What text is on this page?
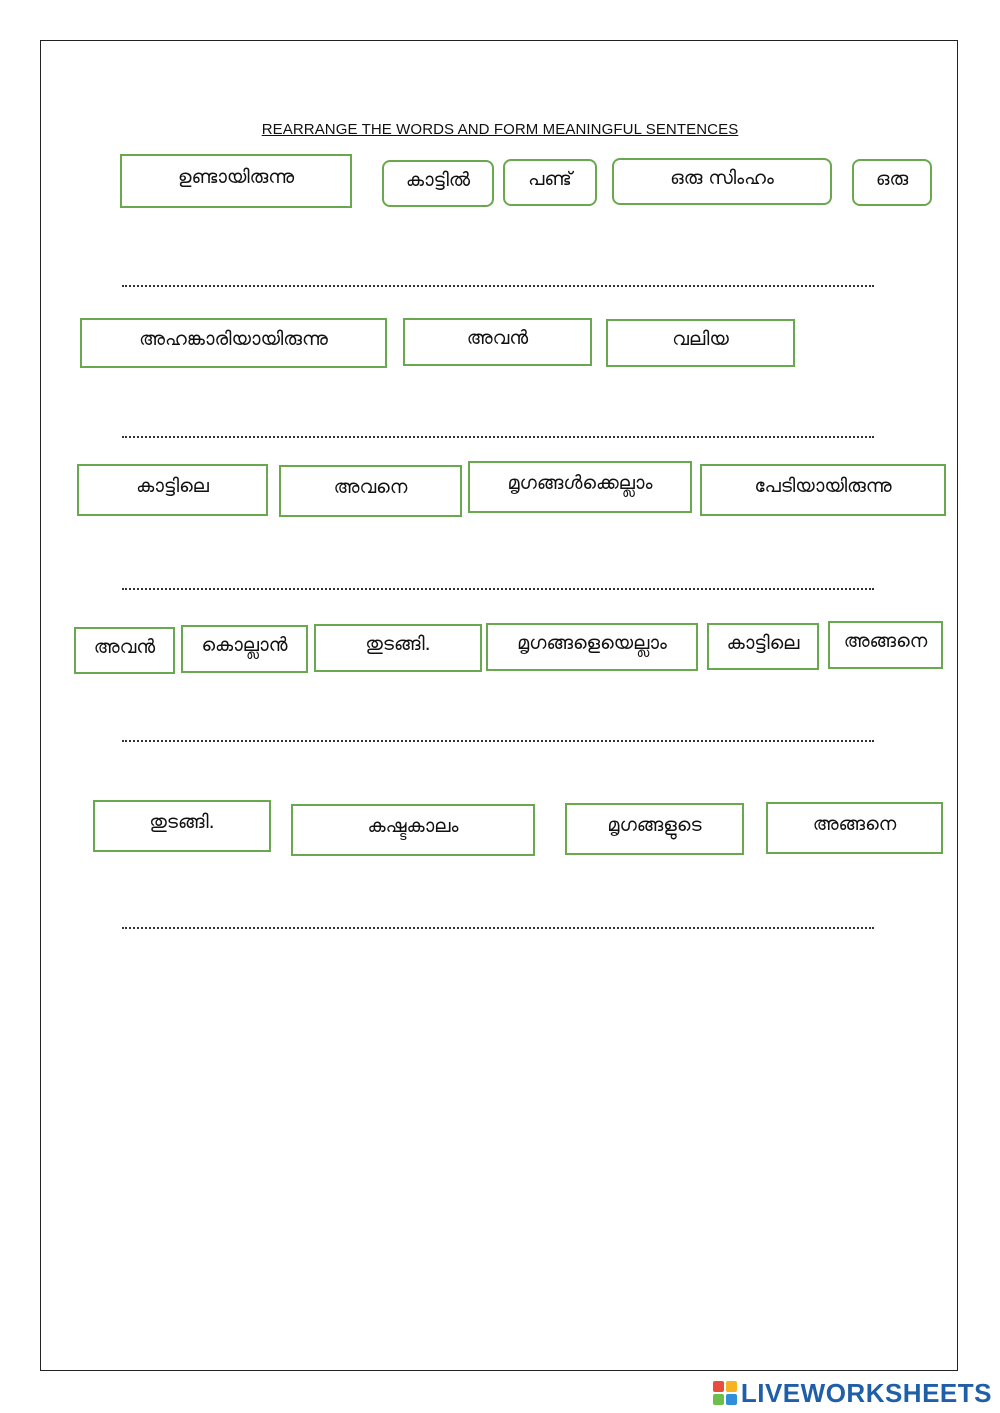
REARRANGE THE WORDS AND FORM MEANINGFUL SENTENCES
ഉണ്ടായിരുന്നു	കാട്ടിൽ	പണ്ട്	ഒരു സിംഹം	ഒരു
അഹങ്കാരിയായിരുന്നു	അവൻ	വലിയ
കാട്ടിലെ	അവനെ	മൃഗങ്ങൾക്കെല്ലാം	പേടിയായിരുന്നു
അവൻ	കൊല്ലാൻ	തുടങ്ങി.	മൃഗങ്ങളെയെല്ലാം	കാട്ടിലെ	അങ്ങനെ
തുടങ്ങി.	കഷ്ടകാലം	മൃഗങ്ങളുടെ	അങ്ങനെ
LIVEWORKSHEETS
